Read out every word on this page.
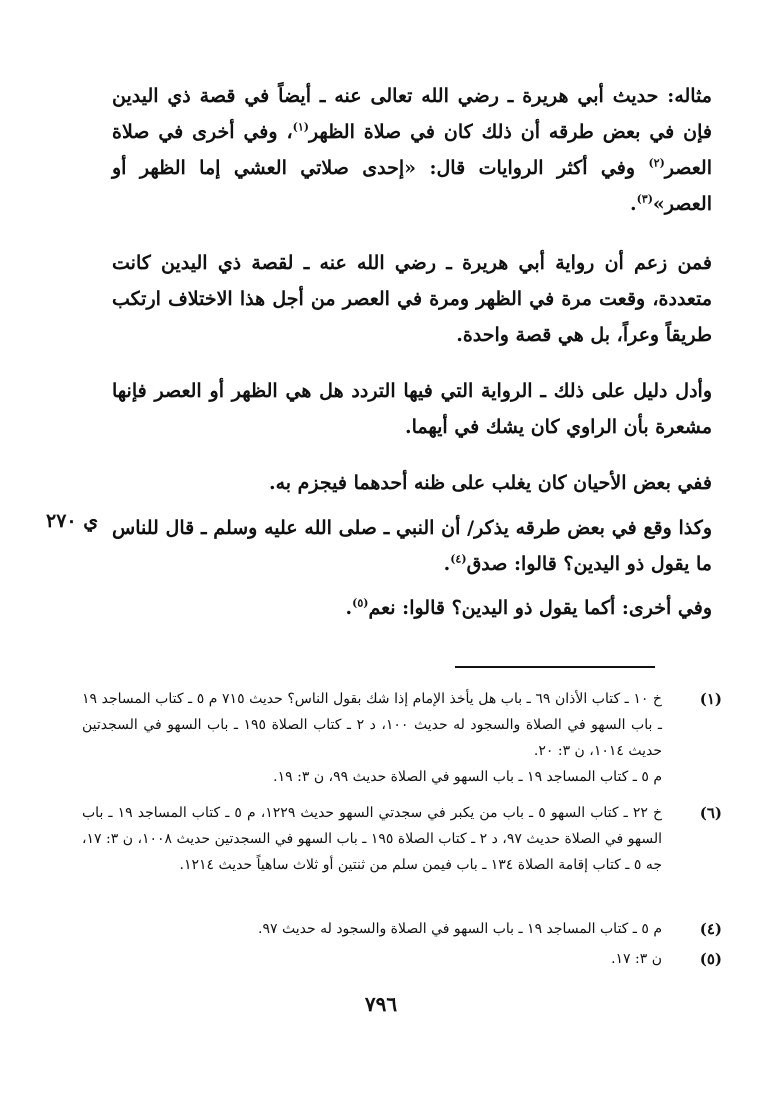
مثاله: حديث أبي هريرة ـ رضي الله تعالى عنه ـ أيضاً في قصة ذي اليدين فإن في بعض طرقه أن ذلك كان في صلاة الظهر$^{(١)}$، وفي أخرى في صلاة العصر$^{(٢)}$ وفي أكثر الروايات قال: «إحدى صلاتي العشي إما الظهر أو العصر»$^{(٣)}$.

فمن زعم أن رواية أبي هريرة ـ رضي الله عنه ـ لقصة ذي اليدين كانت متعددة، وقعت مرة في الظهر ومرة في العصر من أجل هذا الاختلاف ارتكب طريقاً وعراً، بل هي قصة واحدة.

وأدل دليل على ذلك ـ الرواية التي فيها التردد هل هي الظهر أو العصر فإنها مشعرة بأن الراوي كان يشك في أيهما.

ففي بعض الأحيان كان يغلب على ظنه أحدهما فيجزم به.

وكذا وقع في بعض طرقه يذكر/ أن النبي ـ صلى الله عليه وسلم ـ قال للناس ما يقول ذو اليدين؟ قالوا: صدق$^{(٤)}$.

وفي أخرى: أكما يقول ذو اليدين؟ قالوا: نعم$^{(٥)}$.

ي ٢٧٠
(١)
خ ١٠ ـ كتاب الأذان ٦٩ ـ باب هل يأخذ الإمام إذا شك بقول الناس؟ حديث ٧١٥ م ٥ ـ كتاب المساجد ١٩ ـ باب السهو في الصلاة والسجود له حديث ١٠٠، د ٢ ـ كتاب الصلاة ١٩٥ ـ باب السهو في السجدتين حديث ١٠١٤، ن ٣: ٢٠.
م ٥ ـ كتاب المساجد ١٩ ـ باب السهو في الصلاة حديث ٩٩، ن ٣: ١٩.
(٦)
خ ٢٢ ـ كتاب السهو ٥ ـ باب من يكبر في سجدتي السهو حديث ١٢٢٩، م ٥ ـ كتاب المساجد ١٩ ـ باب السهو في الصلاة حديث ٩٧، د ٢ ـ كتاب الصلاة ١٩٥ ـ باب السهو في السجدتين حديث ١٠٠٨، ن ٣: ١٧، جه ٥ ـ كتاب إقامة الصلاة ١٣٤ ـ باب فيمن سلم من ثنتين أو ثلاث ساهياً حديث ١٢١٤.
(٤)
م ٥ ـ كتاب المساجد ١٩ ـ باب السهو في الصلاة والسجود له حديث ٩٧.
(٥)
ن ٣: ١٧.
٧٩٦
